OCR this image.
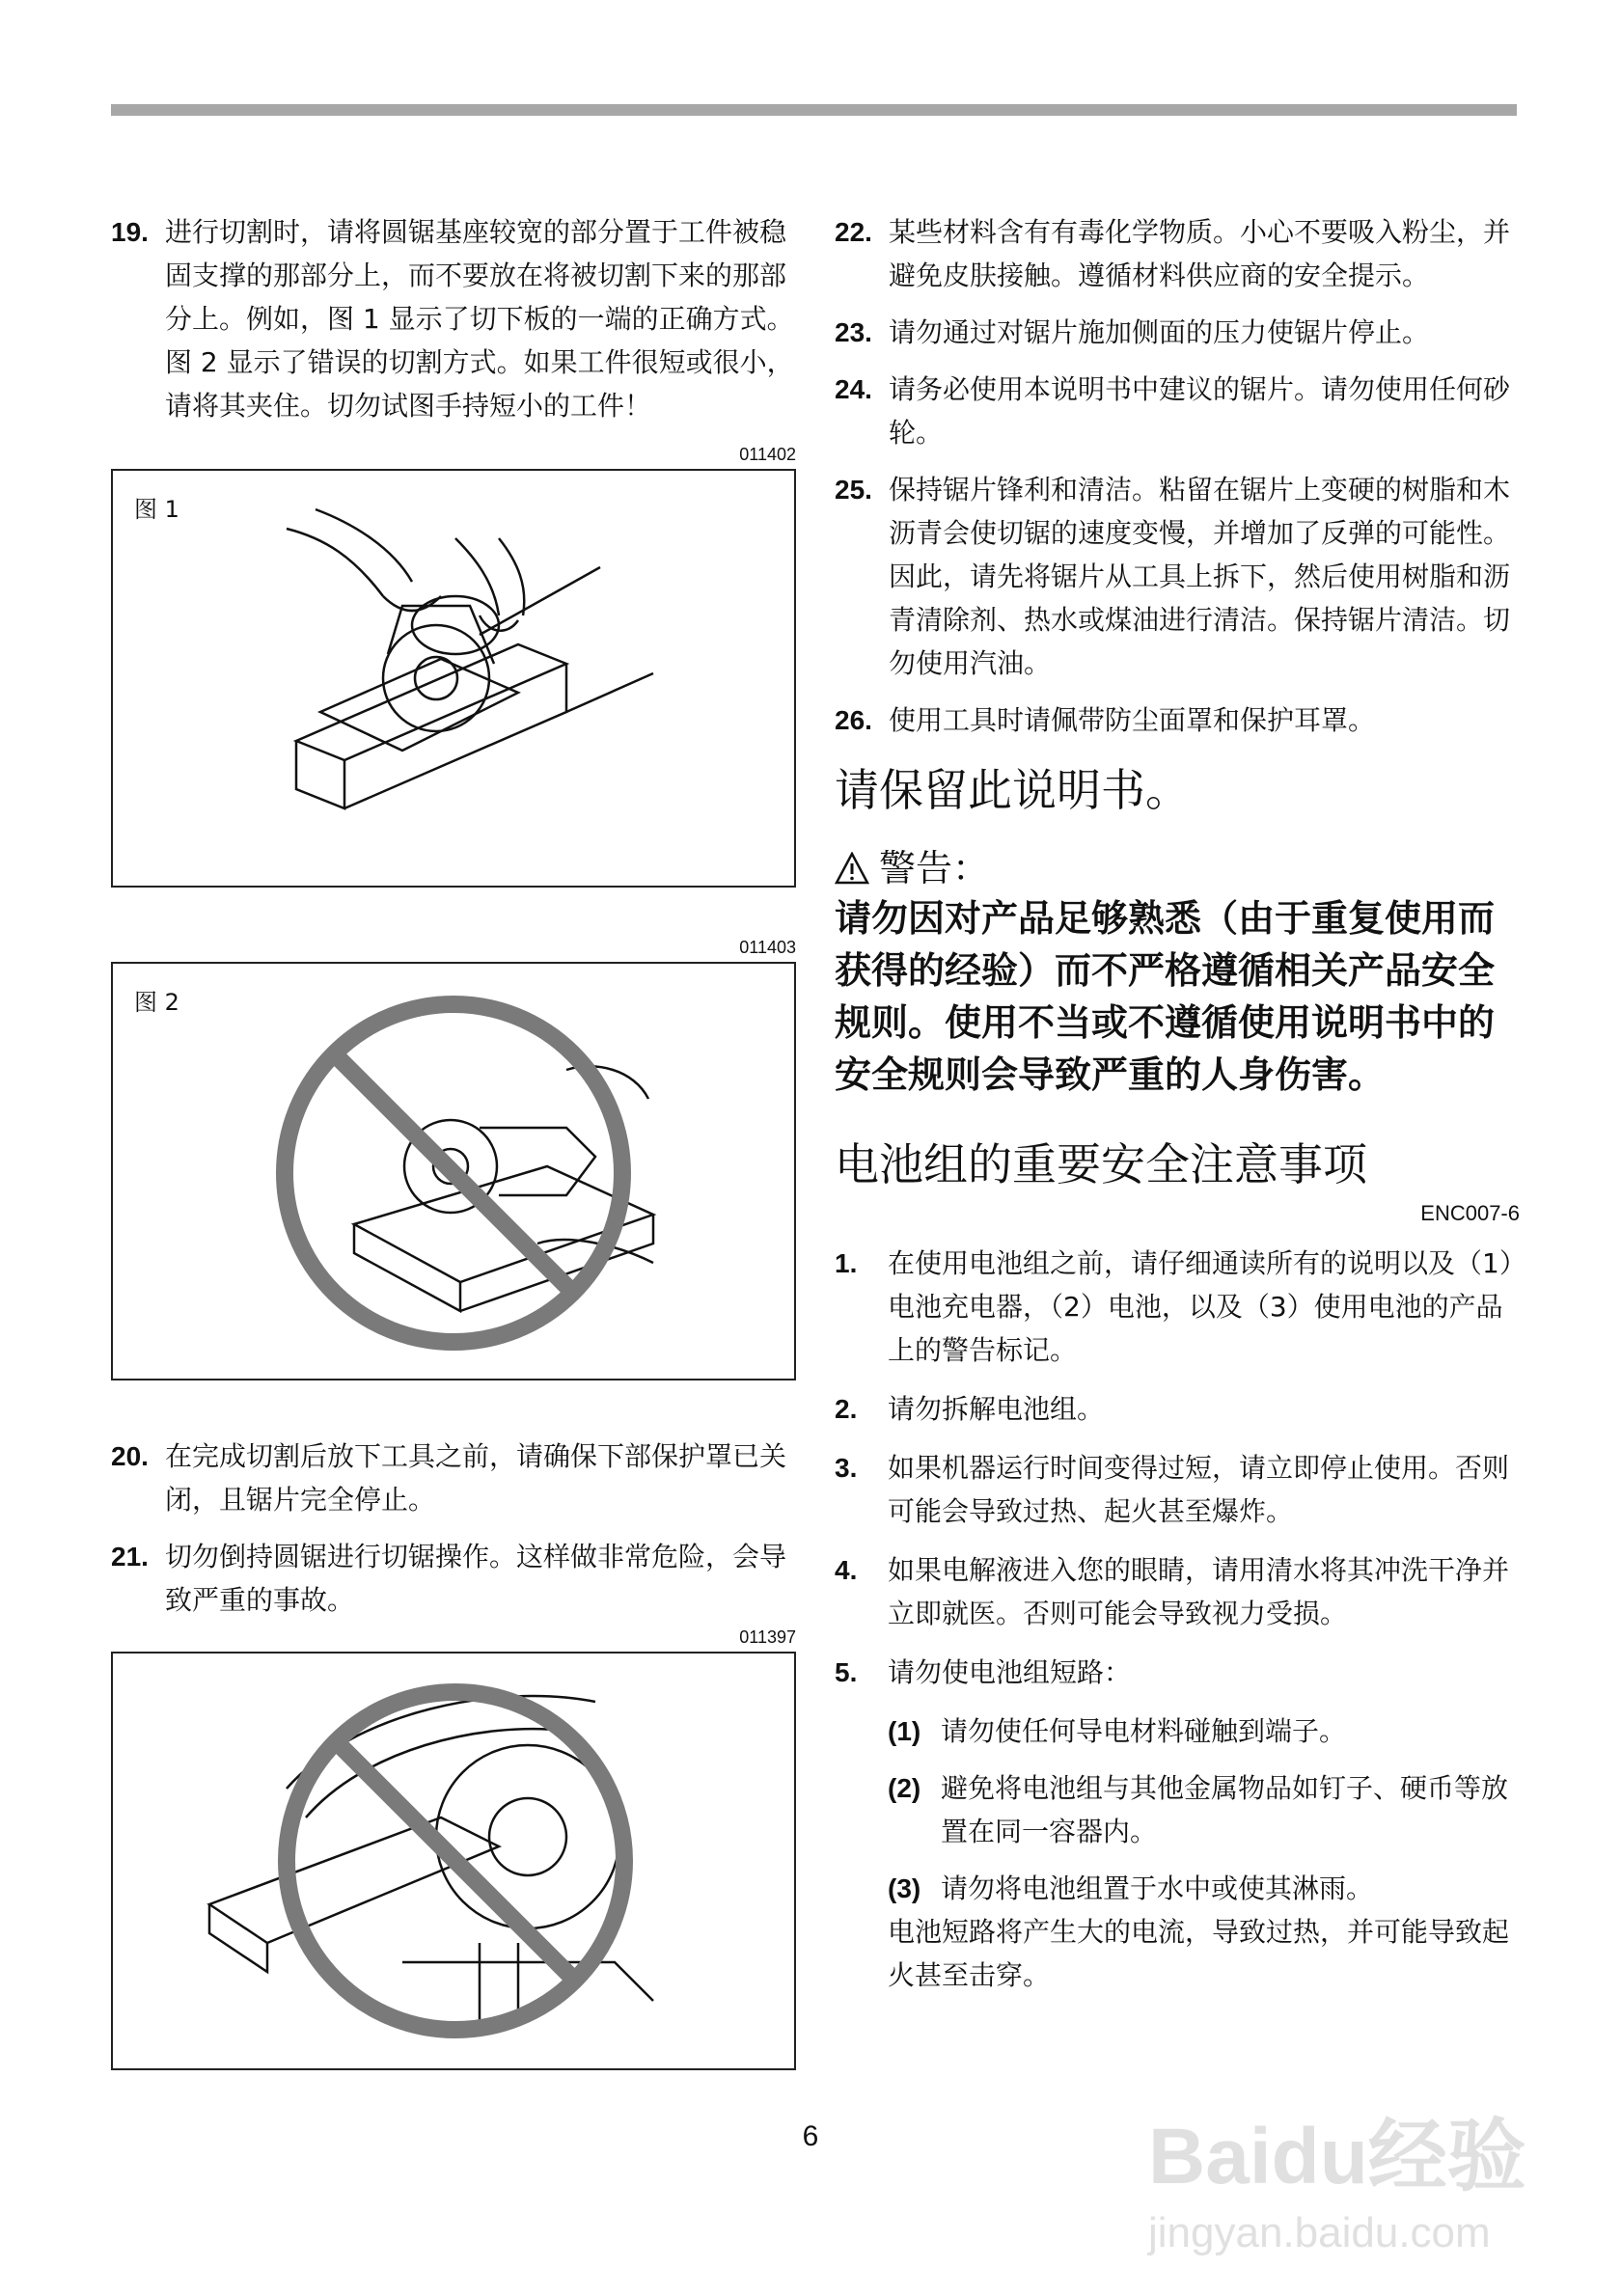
19. 进行切割时，请将圆锯基座较宽的部分置于工件被稳固支撑的那部分上，而不要放在将被切割下来的那部分上。例如，图 1 显示了切下板的一端的正确方式。图 2 显示了错误的切割方式。如果工件很短或很小，请将其夹住。切勿试图手持短小的工件！

011402

图 1

011403

图 2
20. 在完成切割后放下工具之前，请确保下部保护罩已关闭，且锯片完全停止。
21. 切勿倒持圆锯进行切锯操作。这样做非常危险，会导致严重的事故。

011397

22. 某些材料含有有毒化学物质。小心不要吸入粉尘，并避免皮肤接触。遵循材料供应商的安全提示。
23. 请勿通过对锯片施加侧面的压力使锯片停止。
24. 请务必使用本说明书中建议的锯片。请勿使用任何砂轮。
25. 保持锯片锋利和清洁。粘留在锯片上变硬的树脂和木沥青会使切锯的速度变慢，并增加了反弹的可能性。因此，请先将锯片从工具上拆下，然后使用树脂和沥青清除剂、热水或煤油进行清洁。保持锯片清洁。切勿使用汽油。
26. 使用工具时请佩带防尘面罩和保护耳罩。
请保留此说明书。
警告：
请勿因对产品足够熟悉（由于重复使用而获得的经验）而不严格遵循相关产品安全规则。使用不当或不遵循使用说明书中的安全规则会导致严重的人身伤害。
电池组的重要安全注意事项
ENC007-6
1.	在使用电池组之前，请仔细通读所有的说明以及（1）电池充电器，（2）电池，以及（3）使用电池的产品上的警告标记。
2.	请勿拆解电池组。
3.	如果机器运行时间变得过短，请立即停止使用。否则可能会导致过热、起火甚至爆炸。
4.	如果电解液进入您的眼睛，请用清水将其冲洗干净并立即就医。否则可能会导致视力受损。
5.	请勿使电池组短路：
(1) 请勿使任何导电材料碰触到端子。
(2) 避免将电池组与其他金属物品如钉子、硬币等放置在同一容器内。
(3) 请勿将电池组置于水中或使其淋雨。
电池短路将产生大的电流，导致过热，并可能导致起火甚至击穿。
6	Baidu经验
jingyan.baidu.com
